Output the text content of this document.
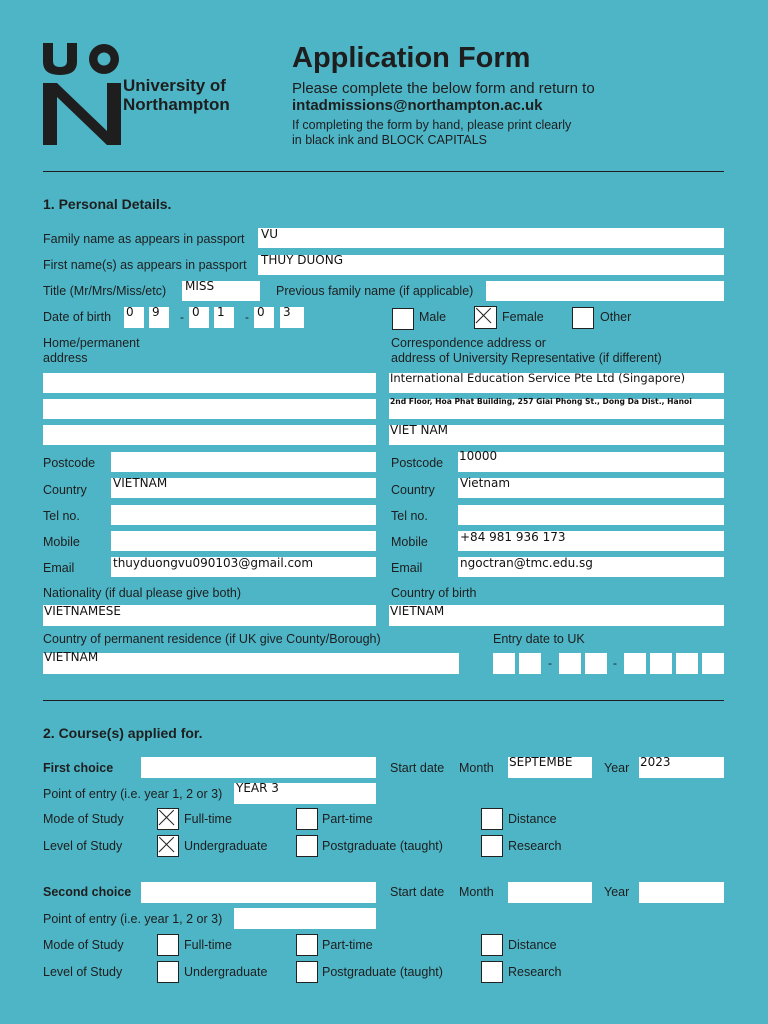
University of
Northampton
Application Form
Please complete the below form and return to
intadmissions@northampton.ac.uk
If completing the form by hand, please print clearly
in black ink and BLOCK CAPITALS
1. Personal Details.
Family name as appears in passport VU
First name(s) as appears in passport THUY DUONG
Title (Mr/Mrs/Miss/etc) MISS	Previous family name (if applicable)
Date of birth 0 9 - 0 1 - 0 3	Male	Female	Other
Home/permanent
address
Correspondence address or
address of University Representative (if different)
International Education Service Pte Ltd (Singapore)
2nd Floor, Hoa Phat Building, 257 Giai Phong St., Dong Da Dist., Hanoi
VIET NAM
Postcode	Postcode 10000
Country VIETNAM	Country Vietnam
Tel no.	Tel no.
Mobile	Mobile	+84 981 936 173
Email	thuyduongvu090103@gmail.com	Email	ngoctran@tmc.edu.sg
Nationality (if dual please give both)
VIETNAMESE
Country of birth
VIETNAM
Country of permanent residence (if UK give County/Borough)
VIETNAM
Entry date to UK
-	-
2. Course(s) applied for.
First choice	Start date Month SEPTEMBE	Year 2023
Point of entry (i.e. year 1, 2 or 3) YEAR 3
Mode of Study	Full-time	Part-time	Distance
Level of Study	Undergraduate	Postgraduate (taught)	Research
Second choice	Start date Month	Year
Point of entry (i.e. year 1, 2 or 3)
Mode of Study	Full-time	Part-time	Distance
Level of Study	Undergraduate	Postgraduate (taught)	Research
